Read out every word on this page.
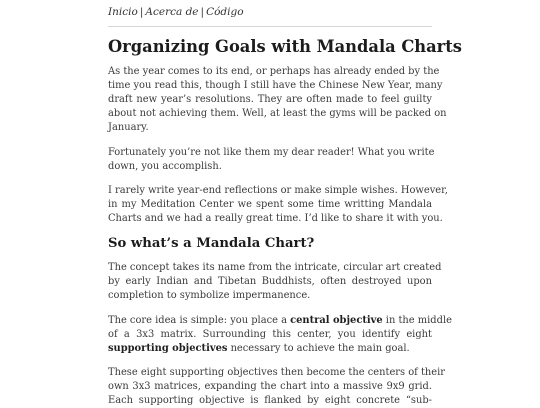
Inicio | Acerca de | Código
Organizing Goals with Mandala Charts
As the year comes to its end, or perhaps has already ended by the
time you read this, though I still have the Chinese New Year, many
draft new year’s resolutions. They are often made to feel guilty
about not achieving them. Well, at least the gyms will be packed on
January.
Fortunately you’re not like them my dear reader! What you write
down, you accomplish.
I rarely write year-end reflections or make simple wishes. However,
in my Meditation Center we spent some time writting Mandala
Charts and we had a really great time. I’d like to share it with you.
So what’s a Mandala Chart?
The concept takes its name from the intricate, circular art created
by early Indian and Tibetan Buddhists, often destroyed upon
completion to symbolize impermanence.
The core idea is simple: you place a central objective in the middle
of a 3x3 matrix. Surrounding this center, you identify eight
supporting objectives necessary to achieve the main goal.
These eight supporting objectives then become the centers of their
own 3x3 matrices, expanding the chart into a massive 9x9 grid.
Each supporting objective is flanked by eight concrete “sub-
